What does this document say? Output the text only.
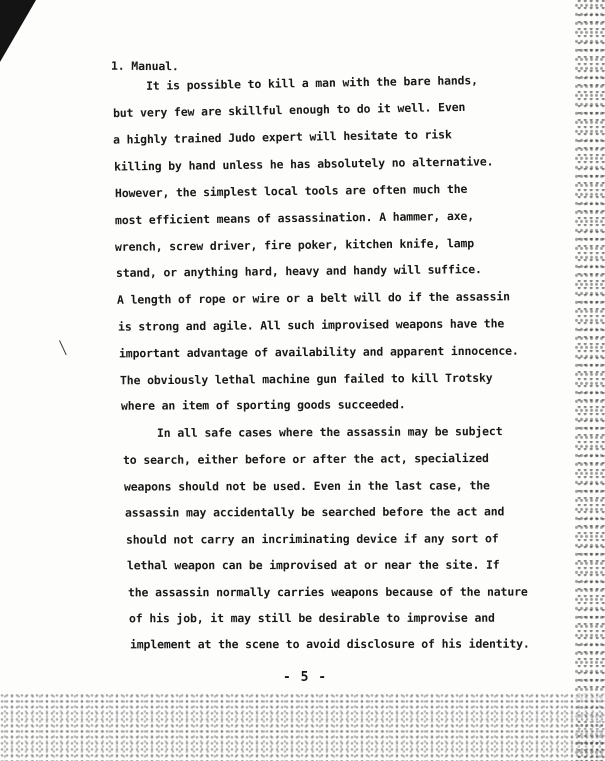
1. Manual.
It is possible to kill a man with the bare hands,
but very few are skillful enough to do it well. Even
a highly trained Judo expert will hesitate to risk
killing by hand unless he has absolutely no alternative.
However, the simplest local tools are often much the
most efficient means of assassination. A hammer, axe,
wrench, screw driver, fire poker, kitchen knife, lamp
stand, or anything hard, heavy and handy will suffice.
A length of rope or wire or a belt will do if the assassin
is strong and agile. All such improvised weapons have the
important advantage of availability and apparent innocence.
The obviously lethal machine gun failed to kill Trotsky
where an item of sporting goods succeeded.
In all safe cases where the assassin may be subject
to search, either before or after the act, specialized
weapons should not be used. Even in the last case, the
assassin may accidentally be searched before the act and
should not carry an incriminating device if any sort of
lethal weapon can be improvised at or near the site. If
the assassin normally carries weapons because of the nature
of his job, it may still be desirable to improvise and
implement at the scene to avoid disclosure of his identity.
- 5 -
